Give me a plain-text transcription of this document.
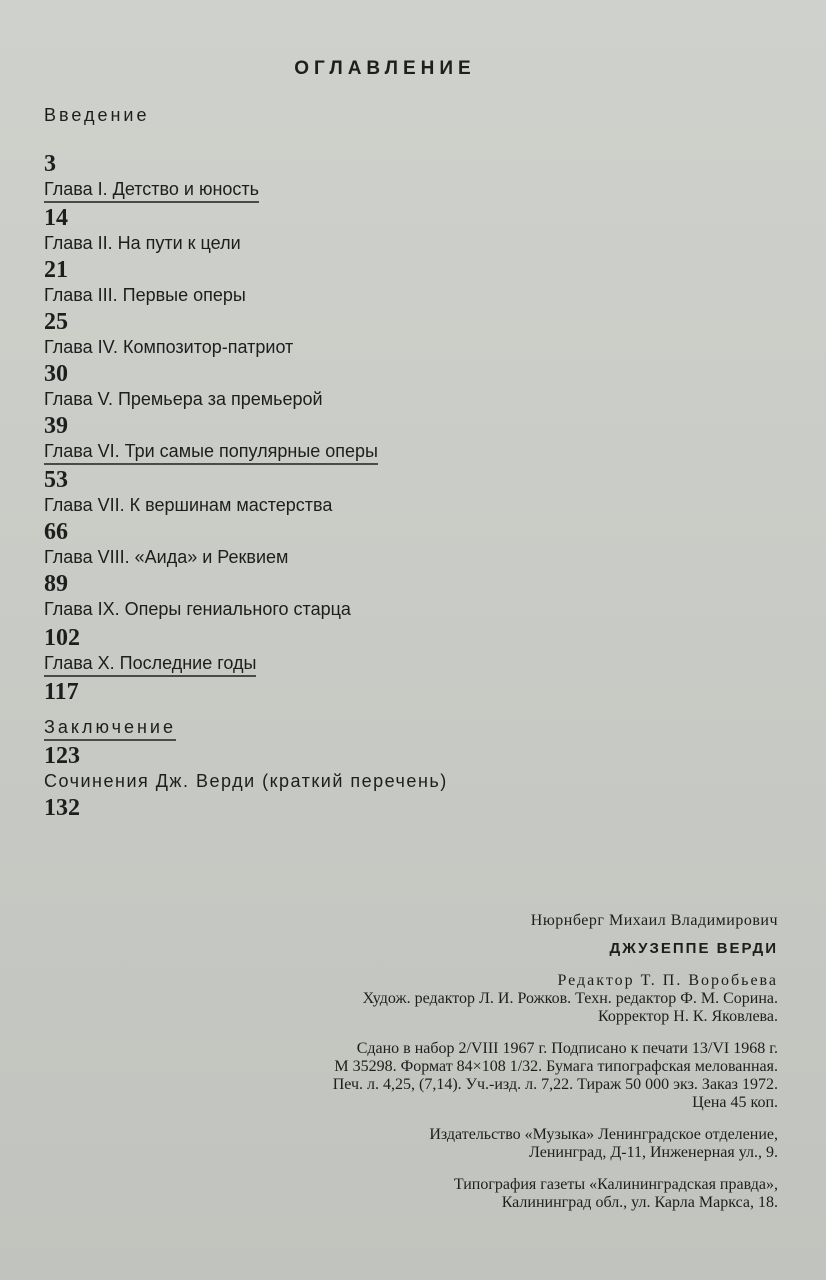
ОГЛАВЛЕНИЕ
Введение
3
Глава I. Детство и юность
14
Глава II. На пути к цели
21
Глава III. Первые оперы
25
Глава IV. Композитор-патриот
30
Глава V. Премьера за премьерой
39
Глава VI. Три самые популярные оперы
53
Глава VII. К вершинам мастерства
66
Глава VIII. «Аида» и Реквием
89
Глава IX. Оперы гениального старца
102
Глава X. Последние годы
117
Заключение
123
Сочинения Дж. Верди (краткий перечень)
132
Нюрнберг Михаил Владимирович
ДЖУЗЕППЕ ВЕРДИ
Редактор Т. П. Воробьева
Худож. редактор Л. И. Рожков. Техн. редактор Ф. М. Сорина.
Корректор Н. К. Яковлева.
Сдано в набор 2/VIII 1967 г. Подписано к печати 13/VI 1968 г.
М 35298. Формат 84×108 1/32. Бумага типографская мелованная.
Печ. л. 4,25, (7,14). Уч.-изд. л. 7,22. Тираж 50 000 экз. Заказ 1972.
Цена 45 коп.
Издательство «Музыка» Ленинградское отделение,
Ленинград, Д-11, Инженерная ул., 9.
Типография газеты «Калининградская правда»,
Калининград обл., ул. Карла Маркса, 18.
